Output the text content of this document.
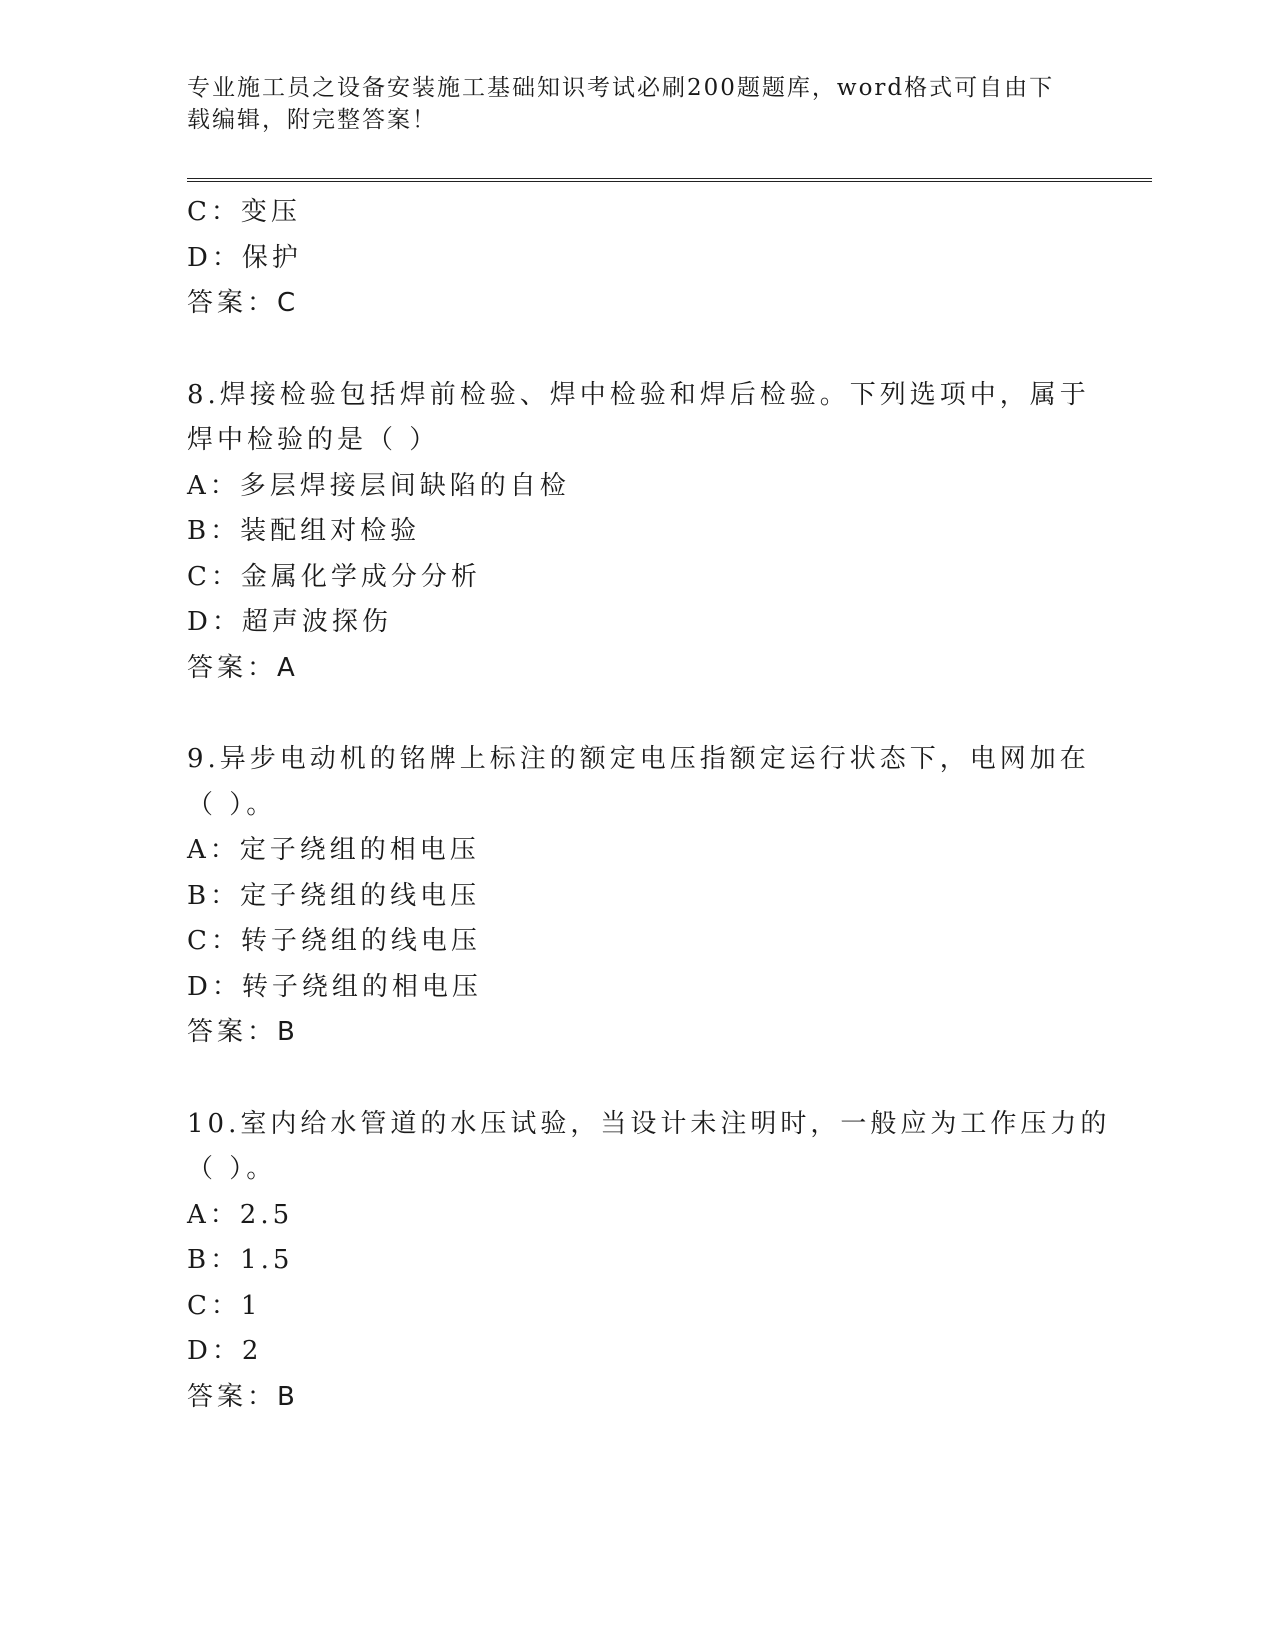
专业施工员之设备安装施工基础知识考试必刷200题题库，word格式可自由下载编辑，附完整答案！
C：变压
D：保护
答案：C
8.焊接检验包括焊前检验、焊中检验和焊后检验。下列选项中，属于
焊中检验的是（ ）
A：多层焊接层间缺陷的自检
B：装配组对检验
C：金属化学成分分析
D：超声波探伤
答案：A
9.异步电动机的铭牌上标注的额定电压指额定运行状态下，电网加在
（ ）。
A：定子绕组的相电压
B：定子绕组的线电压
C：转子绕组的线电压
D：转子绕组的相电压
答案：B
10.室内给水管道的水压试验，当设计未注明时，一般应为工作压力的
（ ）。
A：2.5
B：1.5
C：1
D：2
答案：B
